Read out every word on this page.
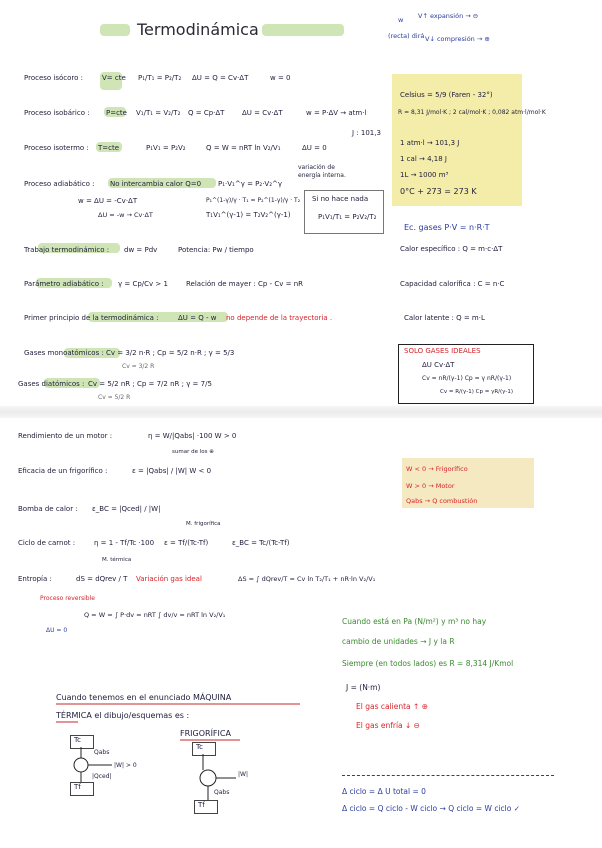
Termodinámica	w
(recta) dirá
V↑ expansión → ⊖
V↓ compresión → ⊕
Proceso isócoro :	V= cte P₁/T₁ = P₂/T₂ ΔU = Q = Cv·ΔT	w = 0
Proceso isobárico : P=cte V₁/T₁ = V₂/T₂ Q = Cp·ΔT	ΔU = Cv·ΔT	w = P·ΔV → atm·l
J : 101,3
Proceso isotermo : T=cte	P₁V₁ = P₂V₂	Q = W = nRT ln V₂/V₁	ΔU = 0
variación de energía interna.
Proceso adiabático : No intercambia calor Q=0 P₁·V₁^γ = P₂·V₂^γ
w = ΔU = -Cv·ΔT
ΔU = -w → Cv·ΔT
P₁^(1-γ)/γ · T₁ = P₂^(1-γ)/γ · T₂
T₁V₁^(γ-1) = T₂V₂^(γ-1)
Si no hace nada
P₁V₁/T₁ = P₂V₂/T₂
Trabajo termodinámico : dw = Pdv	Potencia: Pw / tiempo
Parámetro adiabático : γ = Cp/Cv > 1	Relación de mayer : Cp - Cv = nR
Primer principio de la termodinámica :	ΔU = Q - w no depende de la trayectoria .
Gases monoatómicos : Cv = 3/2 n·R ; Cp = 5/2 n·R ; γ = 5/3
Cv = 3/2 R
Gases diatómicos : Cv = 5/2 nR ; Cp = 7/2 nR ; γ = 7/5
Cv = 5/2 R
Celsius = 5/9 (Faren - 32°)
R = 8,31 J/mol·K ; 2 cal/mol·K ; 0,082 atm·l/mol·K
1 atm·l → 101,3 J
1 cal → 4,18 J
1L → 1000 m³
0°C + 273 = 273 K
Ec. gases P·V = n·R·T
Calor específico : Q = m·c·ΔT
Capacidad calorífica : C = n·C
Calor latente : Q = m·L
SOLO GASES IDEALES
ΔU Cv·ΔT
Cv = nR/(γ-1) Cp = γ nR/(γ-1)
Cv = R/(γ-1) Cp = γR/(γ-1)
Rendimiento de un motor :	η = W/|Qabs| ·100 W > 0
sumar de los ⊕
Eficacia de un frigorífico :	ε = |Qabs| / |W| W < 0	W < 0 → Frigorífico
W > 0 → Motor
Qabs → Q combustión
Bomba de calor : ε_BC = |Qced| / |W|
Ciclo de carnot :	η = 1 - Tf/Tc ·100 ε = Tf/(Tc-Tf)	ε_BC = Tc/(Tc-Tf)
M. frigorífica
M. térmica
Entropía :	dS = dQrev / T Variación gas ideal	ΔS = ∫ dQrev/T = Cv ln T₂/T₁ + nR·ln V₂/V₁
Proceso reversible
Q = W = ∫ P·dv = nRT ∫ dv/v = nRT ln V₂/V₁
ΔU = 0
Cuando está en Pa (N/m²) y m³ no hay
cambio de unidades → J y la R
Siempre (en todos lados) es R = 8,314 J/Kmol
J = (N·m)
El gas calienta ↑ ⊕
El gas enfría ↓ ⊖
Cuando tenemos en el enunciado MÁQUINA
TÉRMICA el dibujo/esquemas es :
FRIGORÍFICA
Tc
Tf
Qabs
|W| > 0
|Qced|
Tc
Tf
|W|
Qabs	Δ ciclo = Δ U total = 0
Δ ciclo = Q ciclo - W ciclo → Q ciclo = W ciclo ✓
